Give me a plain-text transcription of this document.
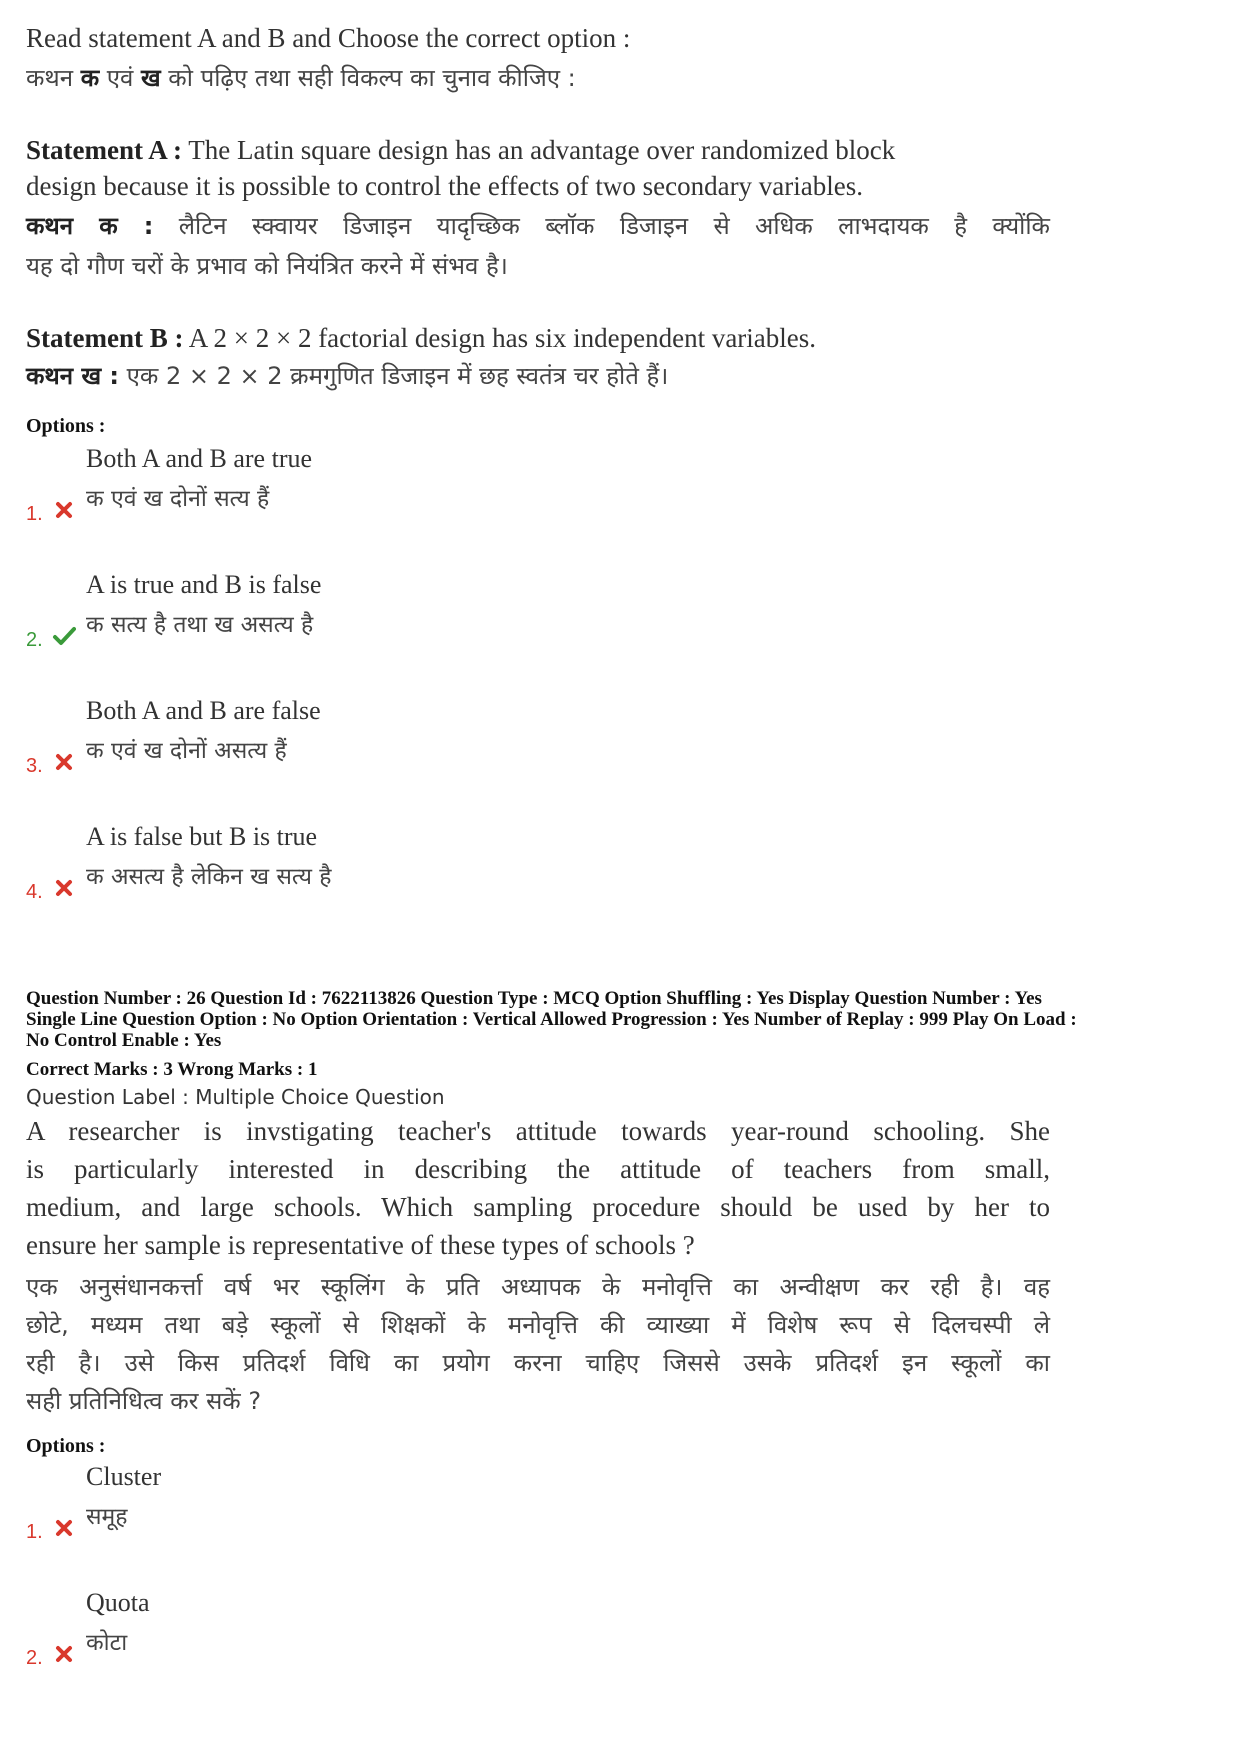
Read statement A and B and Choose the correct option :
कथन क एवं ख को पढ़िए तथा सही विकल्प का चुनाव कीजिए :
Statement A : The Latin square design has an advantage over randomized block
design because it is possible to control the effects of two secondary variables.
कथन क : लैटिन स्क्वायर डिजाइन यादृच्छिक ब्लॉक डिजाइन से अधिक लाभदायक है क्योंकि
यह दो गौण चरों के प्रभाव को नियंत्रित करने में संभव है।
Statement B : A 2 × 2 × 2 factorial design has six independent variables.
कथन ख : एक 2 × 2 × 2 क्रमगुणित डिजाइन में छह स्वतंत्र चर होते हैं।
Options :
Both A and B are true
क एवं ख दोनों सत्य हैं
1.
A is true and B is false
क सत्य है तथा ख असत्य है
2.
Both A and B are false
क एवं ख दोनों असत्य हैं
3.
A is false but B is true
क असत्य है लेकिन ख सत्य है
4.
Question Number : 26 Question Id : 7622113826 Question Type : MCQ Option Shuffling : Yes Display Question Number : Yes
Single Line Question Option : No Option Orientation : Vertical Allowed Progression : Yes Number of Replay : 999 Play On Load :
No Control Enable : Yes
Correct Marks : 3 Wrong Marks : 1
Question Label : Multiple Choice Question
A researcher is invstigating teacher's attitude towards year-round schooling. She
is particularly interested in describing the attitude of teachers from small,
medium, and large schools. Which sampling procedure should be used by her to
ensure her sample is representative of these types of schools ?
एक अनुसंधानकर्त्ता वर्ष भर स्कूलिंग के प्रति अध्यापक के मनोवृत्ति का अन्वीक्षण कर रही है। वह
छोटे, मध्यम तथा बड़े स्कूलों से शिक्षकों के मनोवृत्ति की व्याख्या में विशेष रूप से दिलचस्पी ले
रही है। उसे किस प्रतिदर्श विधि का प्रयोग करना चाहिए जिससे उसके प्रतिदर्श इन स्कूलों का
सही प्रतिनिधित्व कर सकें ?
Options :
Cluster
समूह
1.
Quota
कोटा
2.
